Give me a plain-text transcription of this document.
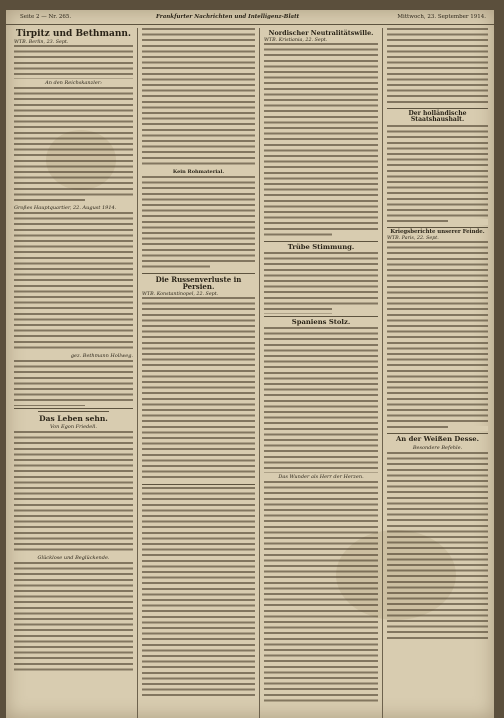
Seite 2 — Nr. 265.	Frankfurter Nachrichten und Intelligenz-Blatt	Mittwoch, 23. September 1914.
Tirpitz und Bethmann.
WTB. Berlin, 23. Sept.
An den Reichskanzler:
Großes Hauptquartier, 22. August 1914.
gez. Bethmann Hollweg.
Das Leben sehn.
Von Egon Friedell.
Glücklose und Beglückende.
Kein Rohmaterial.
Die Russenverluste in Persien.
WTB. Konstantinopel, 22. Sept.
Nordischer Neutralitätswille.
WTB. Kristiania, 22. Sept.
Trübe Stimmung.
Spaniens Stolz.
Das Wunder als Herr der Herzen.
Der holländische Staatshaushalt.
Kriegsberichte unserer Feinde.
WTB. Paris, 22. Sept.
An der Weißen Desse.
Besondere Befehle.
